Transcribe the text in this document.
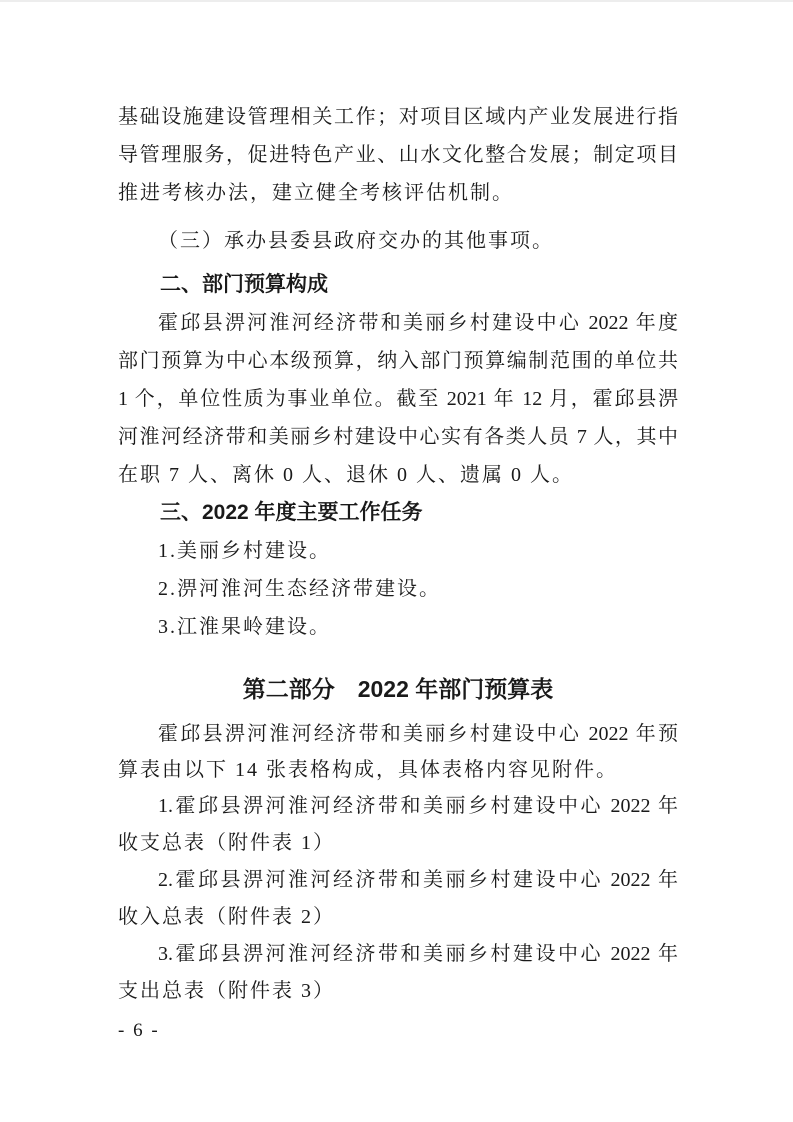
基础设施建设管理相关工作；对项目区域内产业发展进行指
导管理服务，促进特色产业、山水文化整合发展；制定项目
推进考核办法，建立健全考核评估机制。
（三）承办县委县政府交办的其他事项。
二、部门预算构成
霍邱县淠河淮河经济带和美丽乡村建设中心 2022 年度
部门预算为中心本级预算，纳入部门预算编制范围的单位共
1 个，单位性质为事业单位。截至 2021 年 12 月，霍邱县淠
河淮河经济带和美丽乡村建设中心实有各类人员 7 人，其中
在职 7 人、离休 0 人、退休 0 人、遗属 0 人。
三、2022 年度主要工作任务
1.美丽乡村建设。
2.淠河淮河生态经济带建设。
3.江淮果岭建设。
第二部分　2022 年部门预算表
霍邱县淠河淮河经济带和美丽乡村建设中心 2022 年预
算表由以下 14 张表格构成，具体表格内容见附件。
1.霍邱县淠河淮河经济带和美丽乡村建设中心 2022 年
收支总表（附件表 1）
2.霍邱县淠河淮河经济带和美丽乡村建设中心 2022 年
收入总表（附件表 2）
3.霍邱县淠河淮河经济带和美丽乡村建设中心 2022 年
支出总表（附件表 3）
- 6 -
